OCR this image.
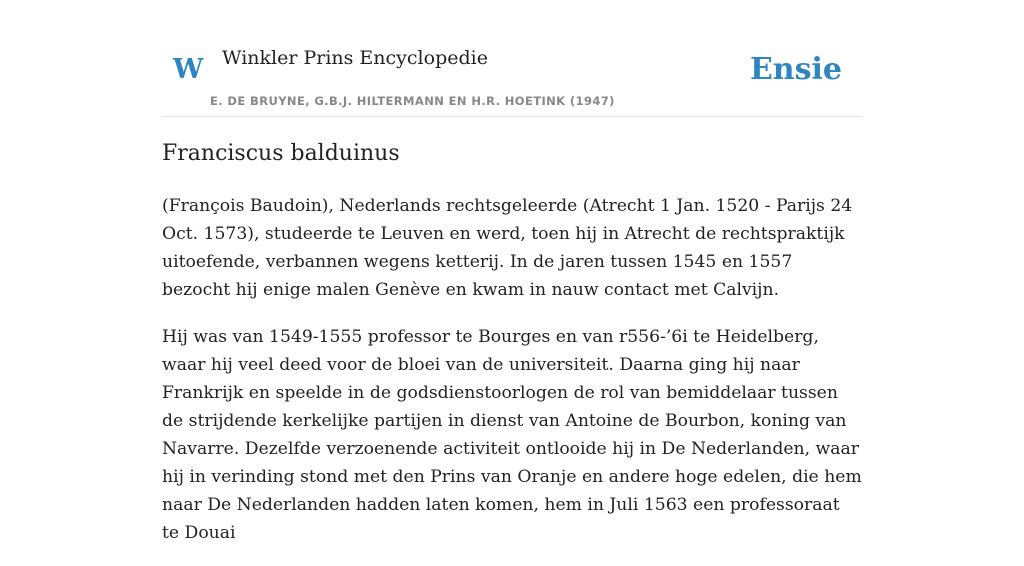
W Winkler Prins Encyclopedie
E. DE BRUYNE, G.B.J. HILTERMANN EN H.R. HOETINK (1947)
Ensie
Franciscus balduinus

(François Baudoin), Nederlands rechtsgeleerde (Atrecht 1 Jan. 1520 - Parijs 24 Oct. 1573), studeerde te Leuven en werd, toen hij in Atrecht de rechtspraktijk uitoefende, verbannen wegens ketterij. In de jaren tussen 1545 en 1557 bezocht hij enige malen Genève en kwam in nauw contact met Calvijn.

Hij was van 1549-1555 professor te Bourges en van r556-’6i te Heidelberg, waar hij veel deed voor de bloei van de universiteit. Daarna ging hij naar Frankrijk en speelde in de godsdienstoorlogen de rol van bemiddelaar tussen de strijdende kerkelijke partijen in dienst van Antoine de Bourbon, koning van Navarre. Dezelfde verzoenende activiteit ontlooide hij in De Nederlanden, waar hij in verinding stond met den Prins van Oranje en andere hoge edelen, die hem naar De Nederlanden hadden laten komen, hem in Juli 1563 een professoraat te Douai
